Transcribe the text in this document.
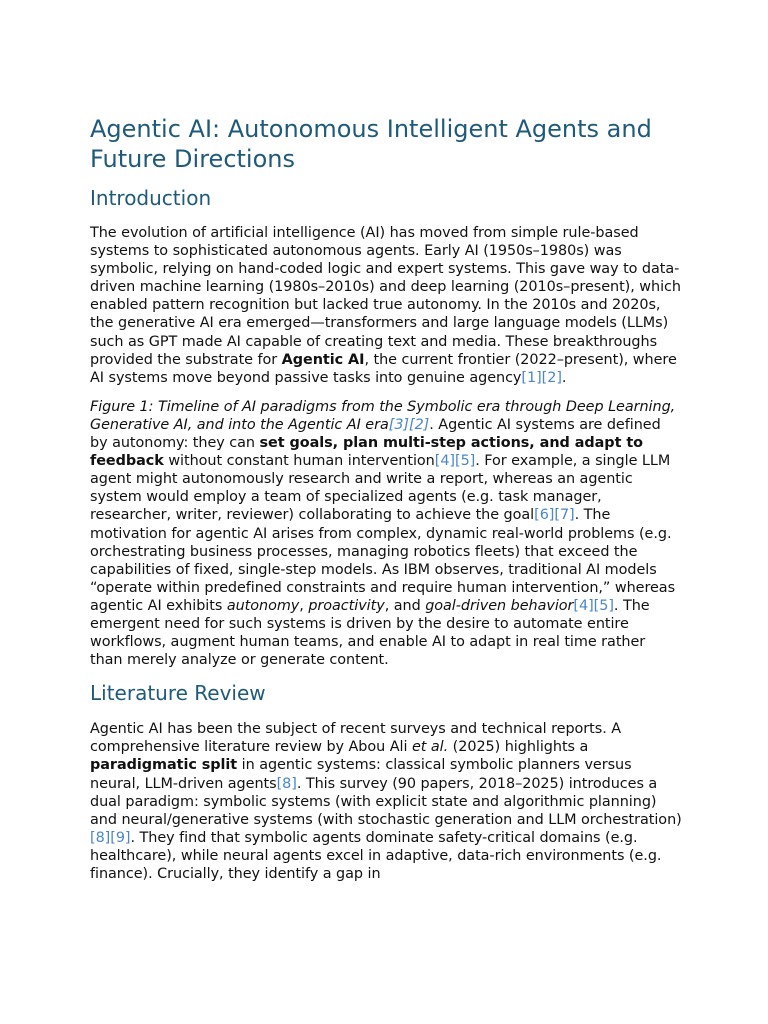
Agentic AI: Autonomous Intelligent Agents and Future Directions
Introduction

The evolution of artificial intelligence (AI) has moved from simple rule-based systems to sophisticated autonomous agents. Early AI (1950s–1980s) was symbolic, relying on hand-coded logic and expert systems. This gave way to data-driven machine learning (1980s–2010s) and deep learning (2010s–present), which enabled pattern recognition but lacked true autonomy. In the 2010s and 2020s, the generative AI era emerged—transformers and large language models (LLMs) such as GPT made AI capable of creating text and media. These breakthroughs provided the substrate for Agentic AI, the current frontier (2022–present), where AI systems move beyond passive tasks into genuine agency[1][2].

Figure 1: Timeline of AI paradigms from the Symbolic era through Deep Learning, Generative AI, and into the Agentic AI era[3][2]. Agentic AI systems are defined by autonomy: they can set goals, plan multi-step actions, and adapt to feedback without constant human intervention[4][5]. For example, a single LLM agent might autonomously research and write a report, whereas an agentic system would employ a team of specialized agents (e.g. task manager, researcher, writer, reviewer) collaborating to achieve the goal[6][7]. The motivation for agentic AI arises from complex, dynamic real-world problems (e.g. orchestrating business processes, managing robotics fleets) that exceed the capabilities of fixed, single-step models. As IBM observes, traditional AI models “operate within predefined constraints and require human intervention,” whereas agentic AI exhibits autonomy, proactivity, and goal-driven behavior[4][5]. The emergent need for such systems is driven by the desire to automate entire workflows, augment human teams, and enable AI to adapt in real time rather than merely analyze or generate content.

Literature Review

Agentic AI has been the subject of recent surveys and technical reports. A comprehensive literature review by Abou Ali et al. (2025) highlights a paradigmatic split in agentic systems: classical symbolic planners versus neural, LLM-driven agents[8]. This survey (90 papers, 2018–2025) introduces a dual paradigm: symbolic systems (with explicit state and algorithmic planning) and neural/generative systems (with stochastic generation and LLM orchestration)[8][9]. They find that symbolic agents dominate safety-critical domains (e.g. healthcare), while neural agents excel in adaptive, data-rich environments (e.g. finance). Crucially, they identify a gap in
